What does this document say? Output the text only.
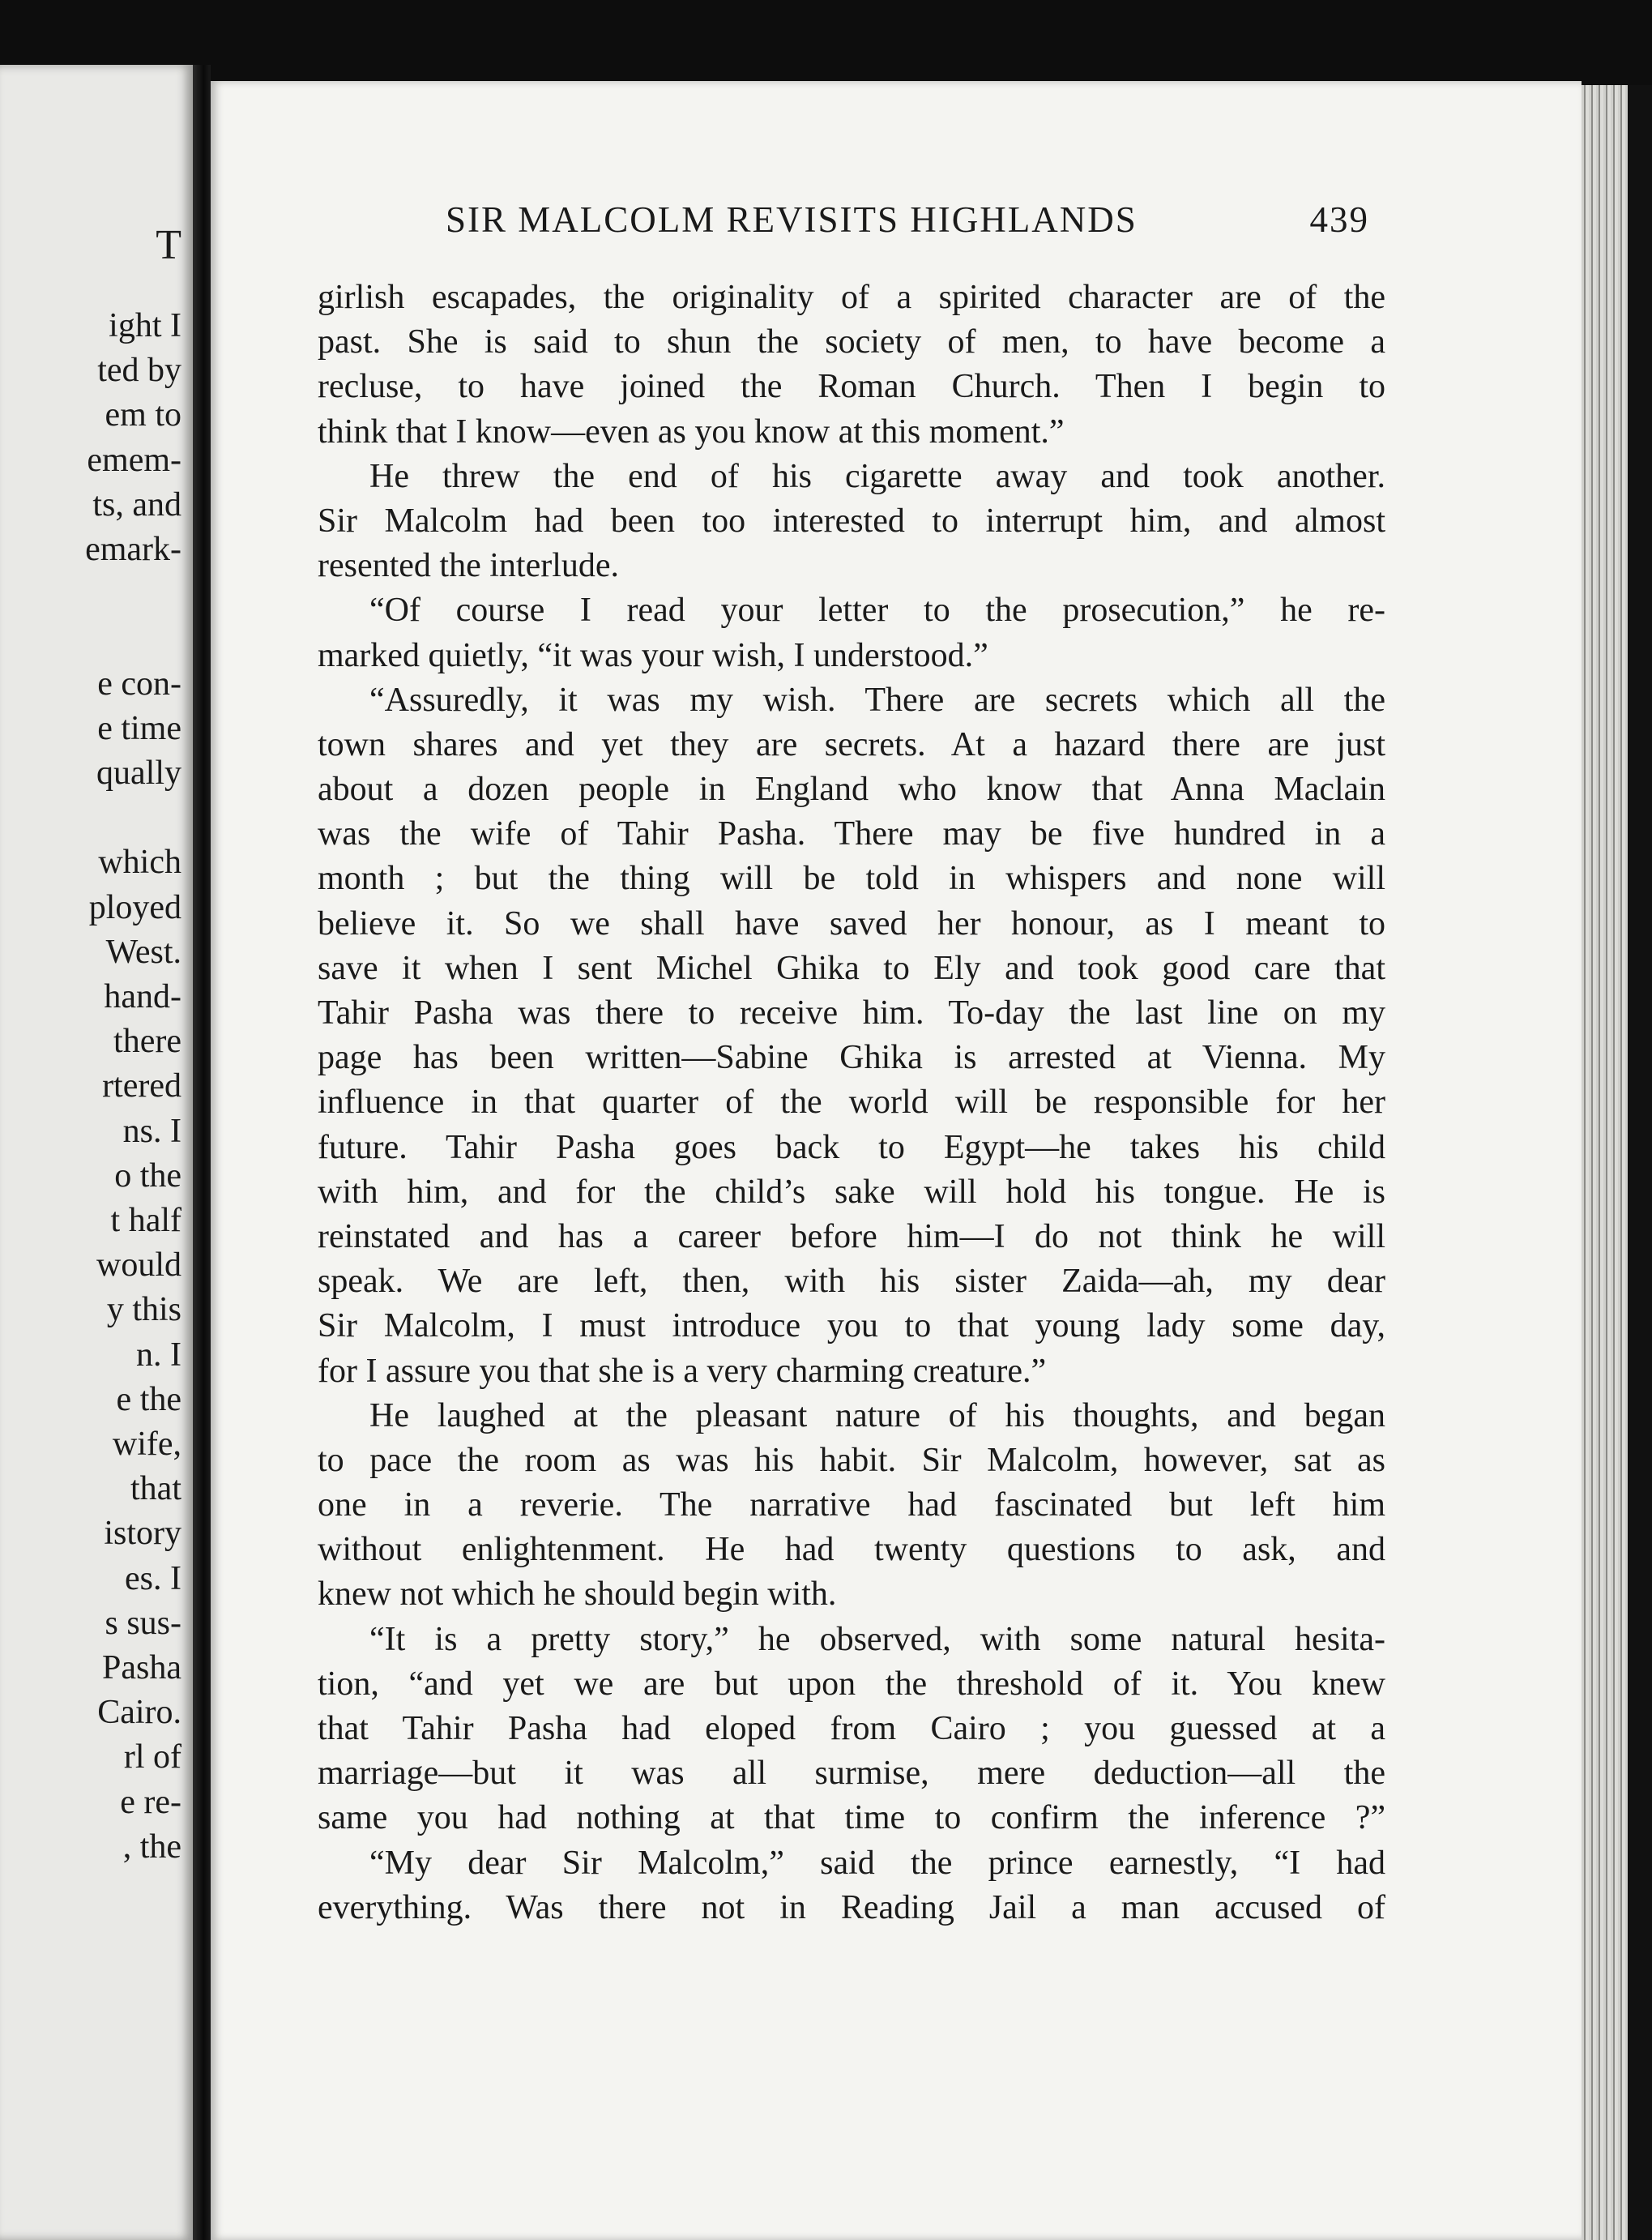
T
ight I
ted by
em to
emem-
ts, and
emark-
e con-
e time
qually
which
ployed
West.
hand-
there
rtered
ns. I
o the
t half
would
y this
n. I
e the
wife,
that
istory
es. I
s sus-
Pasha
Cairo.
rl of
e re-
, the
SIR MALCOLM REVISITS HIGHLANDS	439
girlish escapades, the originality of a spirited character are of the
past. She is said to shun the society of men, to have become a
recluse, to have joined the Roman Church. Then I begin to
think that I know—even as you know at this moment.”
He threw the end of his cigarette away and took another.
Sir Malcolm had been too interested to interrupt him, and almost
resented the interlude.
“Of course I read your letter to the prosecution,” he re-
marked quietly, “it was your wish, I understood.”
“Assuredly, it was my wish. There are secrets which all the
town shares and yet they are secrets. At a hazard there are just
about a dozen people in England who know that Anna Maclain
was the wife of Tahir Pasha. There may be five hundred in a
month ; but the thing will be told in whispers and none will
believe it. So we shall have saved her honour, as I meant to
save it when I sent Michel Ghika to Ely and took good care that
Tahir Pasha was there to receive him. To-day the last line on my
page has been written—Sabine Ghika is arrested at Vienna. My
influence in that quarter of the world will be responsible for her
future. Tahir Pasha goes back to Egypt—he takes his child
with him, and for the child’s sake will hold his tongue. He is
reinstated and has a career before him—I do not think he will
speak. We are left, then, with his sister Zaida—ah, my dear
Sir Malcolm, I must introduce you to that young lady some day,
for I assure you that she is a very charming creature.”
He laughed at the pleasant nature of his thoughts, and began
to pace the room as was his habit. Sir Malcolm, however, sat as
one in a reverie. The narrative had fascinated but left him
without enlightenment. He had twenty questions to ask, and
knew not which he should begin with.
“It is a pretty story,” he observed, with some natural hesita-
tion, “and yet we are but upon the threshold of it. You knew
that Tahir Pasha had eloped from Cairo ; you guessed at a
marriage—but it was all surmise, mere deduction—all the
same you had nothing at that time to confirm the inference ?”
“My dear Sir Malcolm,” said the prince earnestly, “I had
everything. Was there not in Reading Jail a man accused of
